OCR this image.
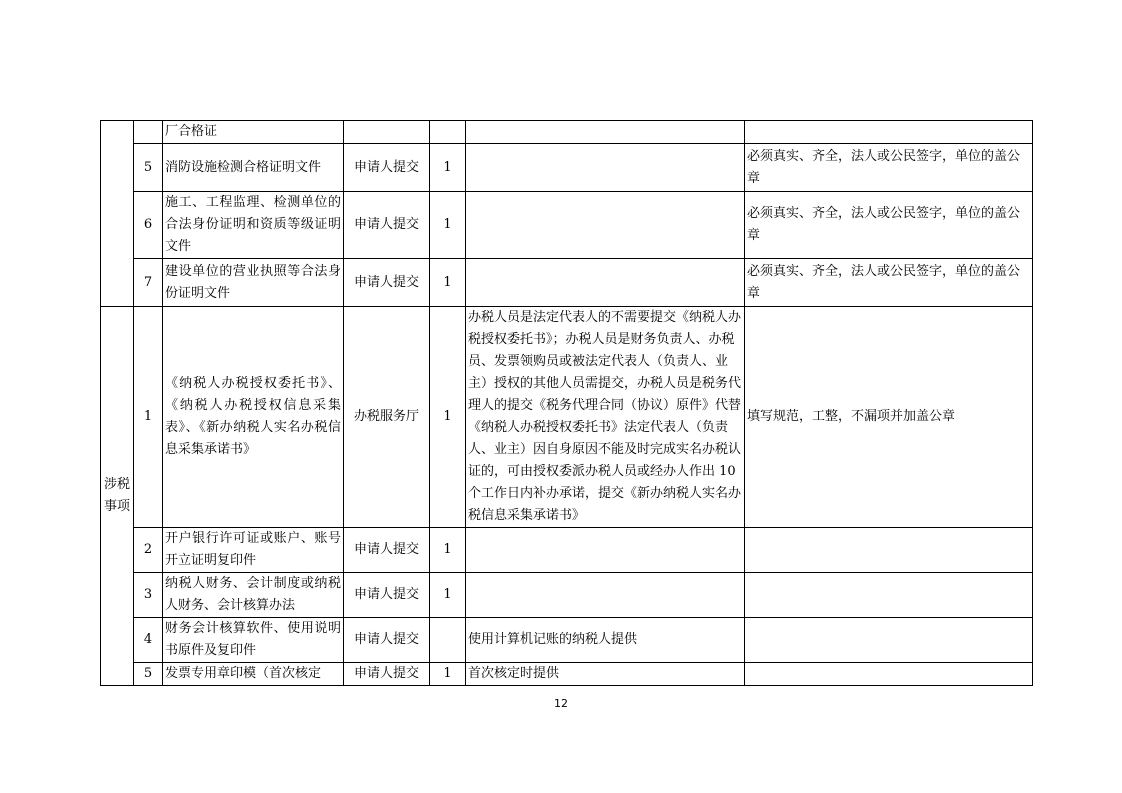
		厂合格证				
	5	消防设施检测合格证明文件	申请人提交	1		必须真实、齐全，法人或公民签字，单位的盖公章
	6	施工、工程监理、检测单位的合法身份证明和资质等级证明文件	申请人提交	1		必须真实、齐全，法人或公民签字，单位的盖公章
	7	建设单位的营业执照等合法身份证明文件	申请人提交	1		必须真实、齐全，法人或公民签字，单位的盖公章
涉税事项	1	《纳税人办税授权委托书》、《纳税人办税授权信息采集表》、《新办纳税人实名办税信息采集承诺书》	办税服务厅	1	办税人员是法定代表人的不需要提交《纳税人办税授权委托书》；办税人员是财务负责人、办税员、发票领购员或被法定代表人（负责人、业主）授权的其他人员需提交，办税人员是税务代理人的提交《税务代理合同（协议）原件》代替《纳税人办税授权委托书》法定代表人（负责人、业主）因自身原因不能及时完成实名办税认证的，可由授权委派办税人员或经办人作出 10 个工作日内补办承诺，提交《新办纳税人实名办税信息采集承诺书》	填写规范，工整，不漏项并加盖公章
	2	开户银行许可证或账户、账号开立证明复印件	申请人提交	1		
	3	纳税人财务、会计制度或纳税人财务、会计核算办法	申请人提交	1		
	4	财务会计核算软件、使用说明书原件及复印件	申请人提交		使用计算机记账的纳税人提供	
	5	发票专用章印模（首次核定	申请人提交	1	首次核定时提供	
12
